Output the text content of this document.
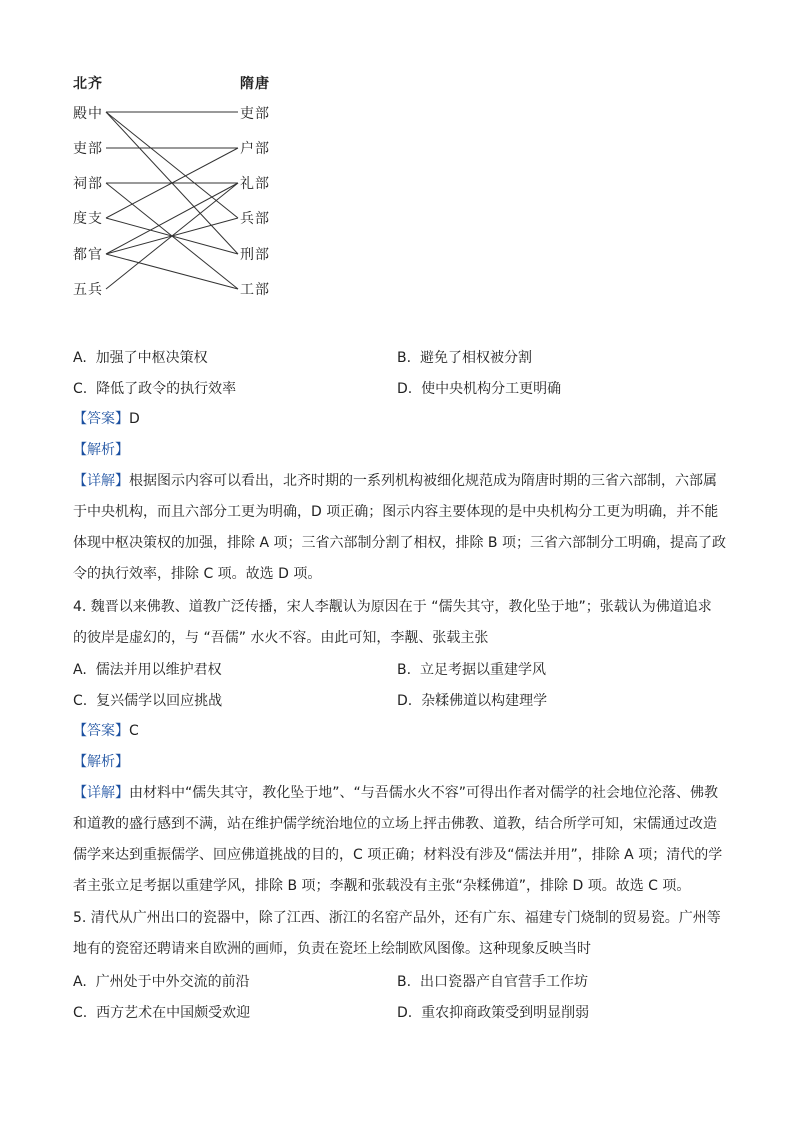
北齐	隋唐
殿中
吏部
祠部
度支
都官
五兵
吏部
户部
礼部
兵部
刑部
工部
A. 加强了中枢决策权	B. 避免了相权被分割
C. 降低了政令的执行效率	D. 使中央机构分工更明确
【答案】D
【解析】
【详解】根据图示内容可以看出，北齐时期的一系列机构被细化规范成为隋唐时期的三省六部制，六部属
于中央机构，而且六部分工更为明确，D 项正确；图示内容主要体现的是中央机构分工更为明确，并不能
体现中枢决策权的加强，排除 A 项；三省六部制分割了相权，排除 B 项；三省六部制分工明确，提高了政
令的执行效率，排除 C 项。故选 D 项。
4. 魏晋以来佛教、道教广泛传播，宋人李觏认为原因在于 “儒失其守，教化坠于地”；张载认为佛道追求
的彼岸是虚幻的，与 “吾儒” 水火不容。由此可知，李觏、张载主张
A. 儒法并用以维护君权	B. 立足考据以重建学风
C. 复兴儒学以回应挑战	D. 杂糅佛道以构建理学
【答案】C
【解析】
【详解】由材料中“儒失其守，教化坠于地”、“与吾儒水火不容”可得出作者对儒学的社会地位沦落、佛教
和道教的盛行感到不满，站在维护儒学统治地位的立场上抨击佛教、道教，结合所学可知，宋儒通过改造
儒学来达到重振儒学、回应佛道挑战的目的，C 项正确；材料没有涉及“儒法并用”，排除 A 项；清代的学
者主张立足考据以重建学风，排除 B 项；李觏和张载没有主张“杂糅佛道”，排除 D 项。故选 C 项。
5. 清代从广州出口的瓷器中，除了江西、浙江的名窑产品外，还有广东、福建专门烧制的贸易瓷。广州等
地有的瓷窑还聘请来自欧洲的画师，负责在瓷坯上绘制欧风图像。这种现象反映当时
A. 广州处于中外交流的前沿	B. 出口瓷器产自官营手工作坊
C. 西方艺术在中国颇受欢迎	D. 重农抑商政策受到明显削弱
